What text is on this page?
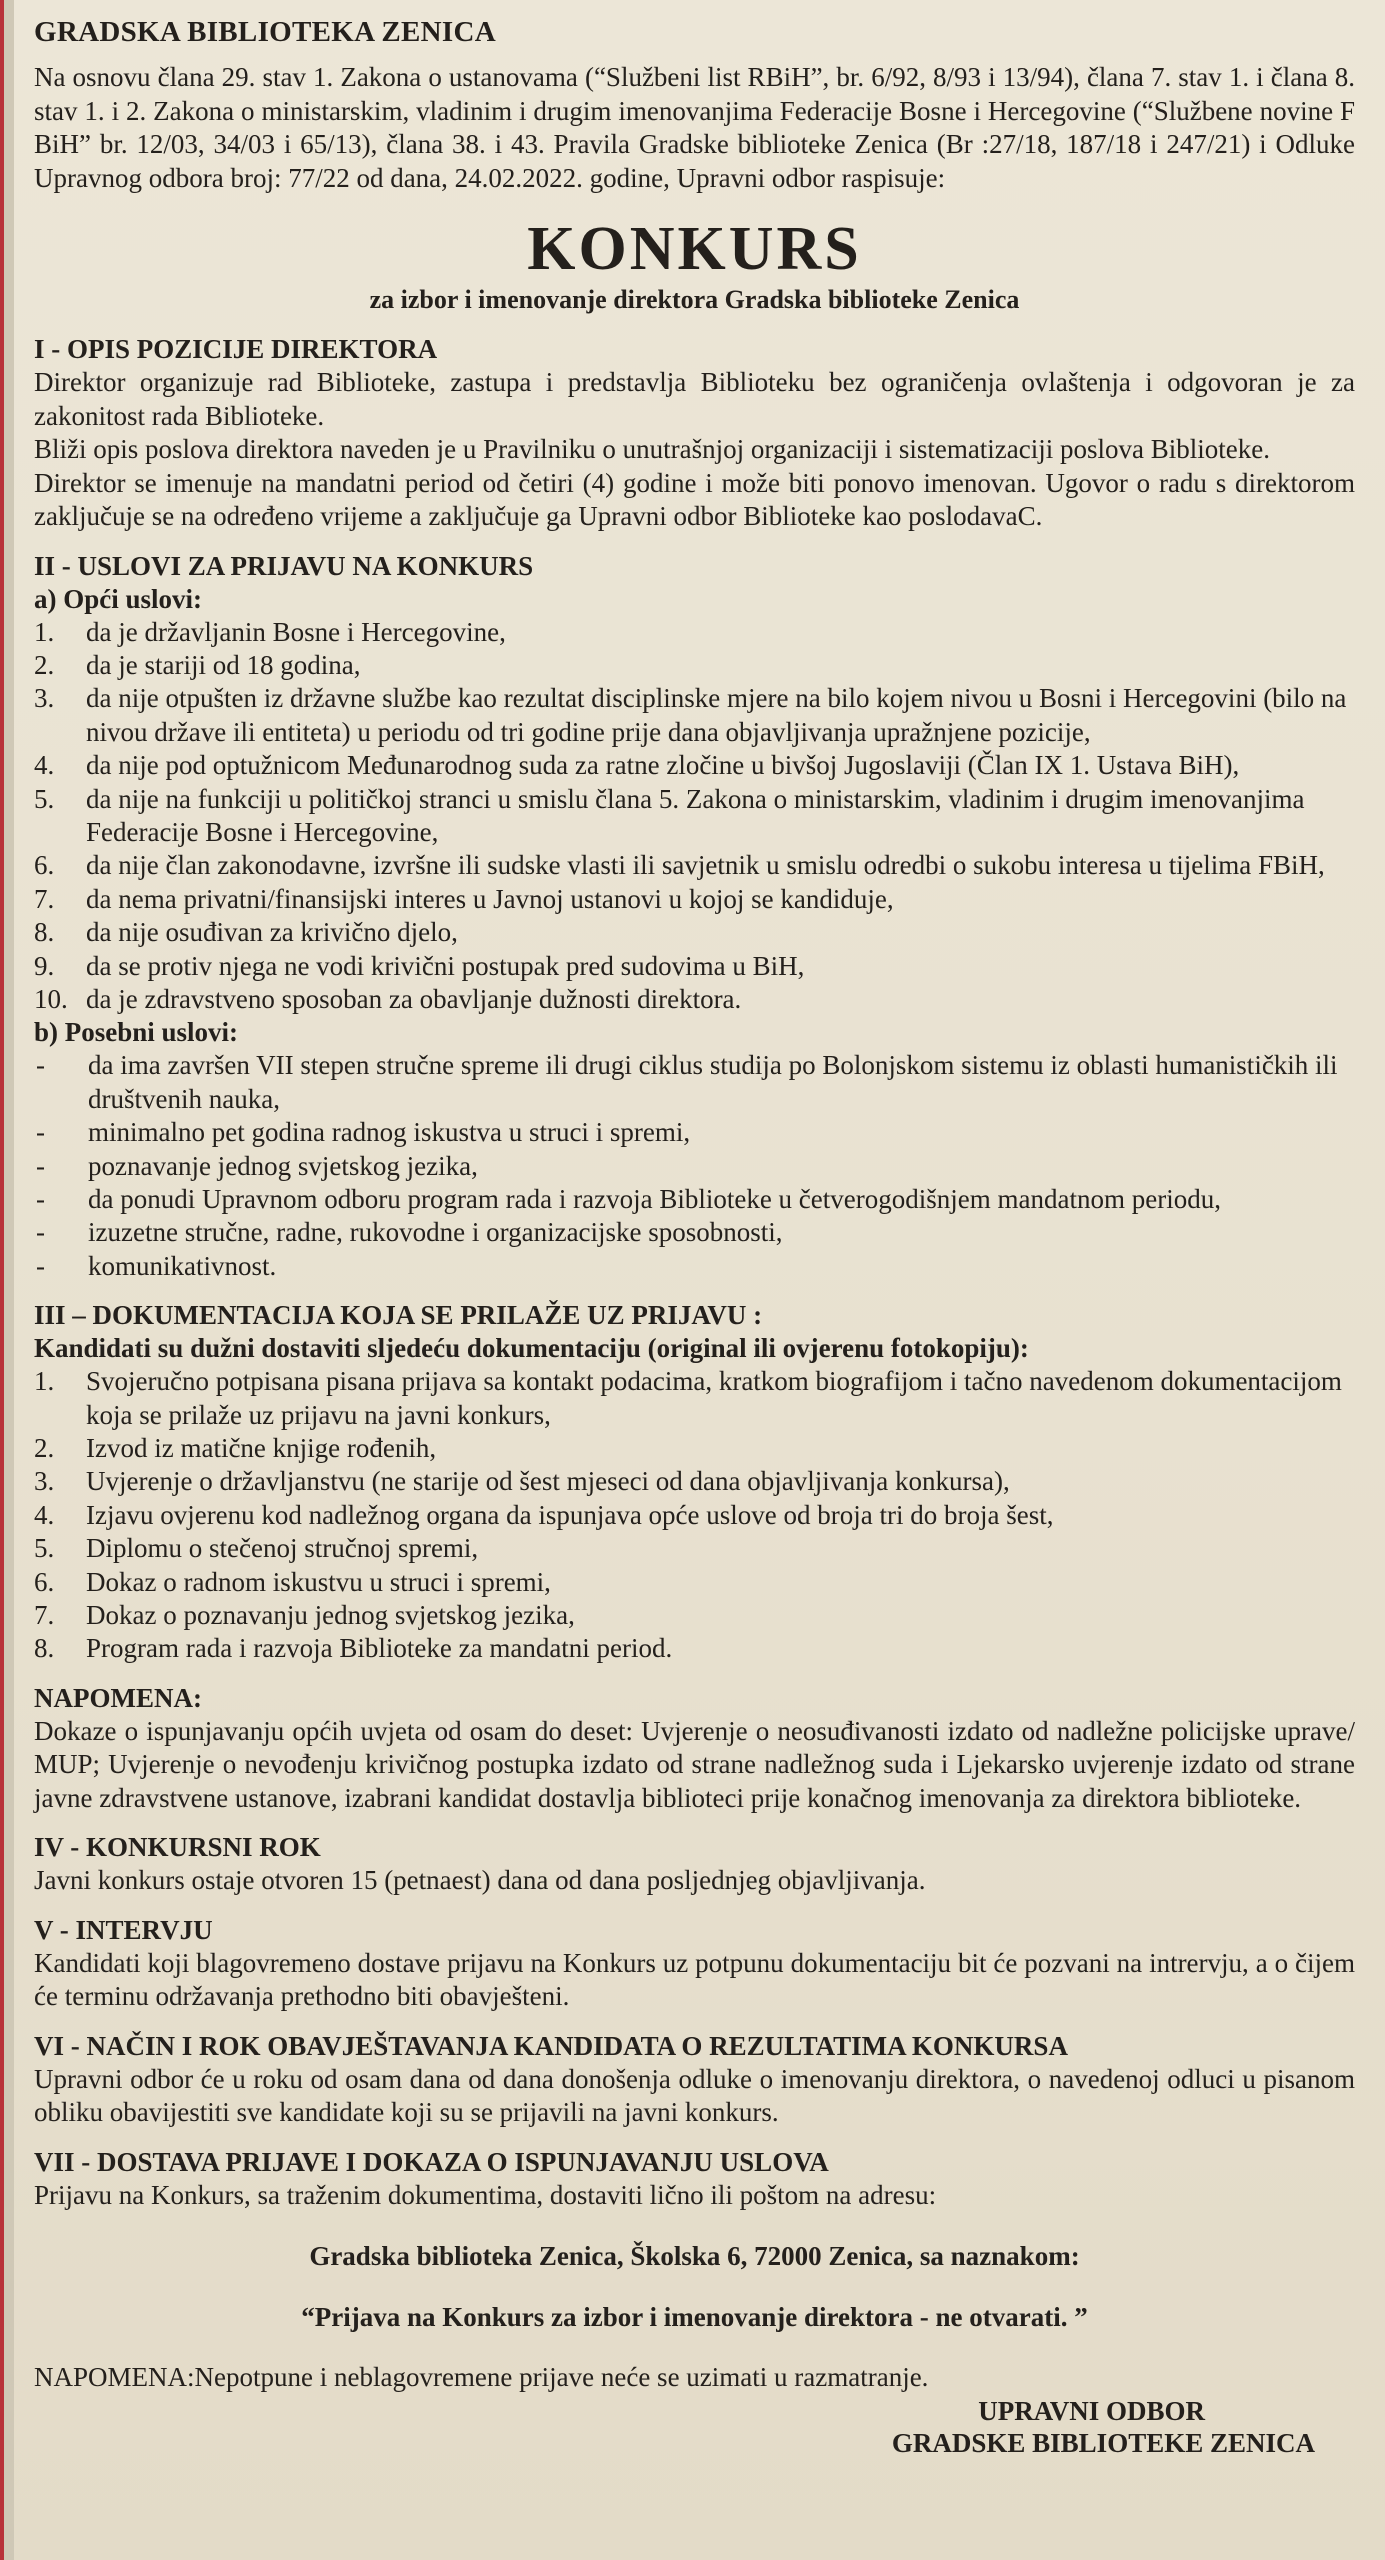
GRADSKA BIBLIOTEKA ZENICA

Na osnovu člana 29. stav 1. Zakona o ustanovama (“Službeni list RBiH”, br. 6/92, 8/93 i 13/94), člana 7. stav 1. i člana 8. stav 1. i 2. Zakona o ministarskim, vladinim i drugim imenovanjima Federacije Bosne i Hercegovine (“Službene novine F BiH” br. 12/03, 34/03 i 65/13), člana 38. i 43. Pravila Gradske biblioteke Zenica (Br :27/18, 187/18 i 247/21) i Odluke Upravnog odbora broj: 77/22 od dana, 24.02.2022. godine, Upravni odbor raspisuje:

KONKURS

za izbor i imenovanje direktora Gradska biblioteke Zenica

I - OPIS POZICIJE DIREKTORA

Direktor organizuje rad Biblioteke, zastupa i predstavlja Biblioteku bez ograničenja ovlaštenja i odgovoran je za zakonitost rada Biblioteke.

Bliži opis poslova direktora naveden je u Pravilniku o unutrašnjoj organizaciji i sistematizaciji poslova Biblioteke.

Direktor se imenuje na mandatni period od četiri (4) godine i može biti ponovo imenovan. Ugovor o radu s direktorom zaključuje se na određeno vrijeme a zaključuje ga Upravni odbor Biblioteke kao poslodavaC.

II - USLOVI ZA PRIJAVU NA KONKURS

a) Opći uslovi:

1.	da je državljanin Bosne i Hercegovine,
2.	da je stariji od 18 godina,
3.	da nije otpušten iz državne službe kao rezultat disciplinske mjere na bilo kojem nivou u Bosni i Hercegovini (bilo na nivou države ili entiteta) u periodu od tri godine prije dana objavljivanja upražnjene pozicije,
4.	da nije pod optužnicom Međunarodnog suda za ratne zločine u bivšoj Jugoslaviji (Član IX 1. Ustava BiH),
5.	da nije na funkciji u političkoj stranci u smislu člana 5. Zakona o ministarskim, vladinim i drugim imenovanjima Federacije Bosne i Hercegovine,
6.	da nije član zakonodavne, izvršne ili sudske vlasti ili savjetnik u smislu odredbi o sukobu interesa u tijelima FBiH,
7.	da nema privatni/finansijski interes u Javnoj ustanovi u kojoj se kandiduje,
8.	da nije osuđivan za krivično djelo,
9.	da se protiv njega ne vodi krivični postupak pred sudovima u BiH,
10. da je zdravstveno sposoban za obavljanje dužnosti direktora.

b) Posebni uslovi:

-	da ima završen VII stepen stručne spreme ili drugi ciklus studija po Bolonjskom sistemu iz oblasti humanističkih ili društvenih nauka,
-	minimalno pet godina radnog iskustva u struci i spremi,
-	poznavanje jednog svjetskog jezika,
-	da ponudi Upravnom odboru program rada i razvoja Biblioteke u četverogodišnjem mandatnom periodu,
-	izuzetne stručne, radne, rukovodne i organizacijske sposobnosti,
-	komunikativnost.

III – DOKUMENTACIJA KOJA SE PRILAŽE UZ PRIJAVU :

Kandidati su dužni dostaviti sljedeću dokumentaciju (original ili ovjerenu fotokopiju):

1.	Svojeručno potpisana pisana prijava sa kontakt podacima, kratkom biografijom i tačno navedenom dokumentacijom koja se prilaže uz prijavu na javni konkurs,
2.	Izvod iz matične knjige rođenih,
3.	Uvjerenje o državljanstvu (ne starije od šest mjeseci od dana objavljivanja konkursa),
4.	Izjavu ovjerenu kod nadležnog organa da ispunjava opće uslove od broja tri do broja šest,
5.	Diplomu o stečenoj stručnoj spremi,
6.	Dokaz o radnom iskustvu u struci i spremi,
7.	Dokaz o poznavanju jednog svjetskog jezika,
8.	Program rada i razvoja Biblioteke za mandatni period.

NAPOMENA:

Dokaze o ispunjavanju općih uvjeta od osam do deset: Uvjerenje o neosuđivanosti izdato od nadležne policijske uprave/ MUP; Uvjerenje o nevođenju krivičnog postupka izdato od strane nadležnog suda i Ljekarsko uvjerenje izdato od strane javne zdravstvene ustanove, izabrani kandidat dostavlja biblioteci prije konačnog imenovanja za direktora biblioteke.

IV - KONKURSNI ROK

Javni konkurs ostaje otvoren 15 (petnaest) dana od dana posljednjeg objavljivanja.

V - INTERVJU

Kandidati koji blagovremeno dostave prijavu na Konkurs uz potpunu dokumentaciju bit će pozvani na intrervju, a o čijem će terminu održavanja prethodno biti obavješteni.

VI - NAČIN I ROK OBAVJEŠTAVANJA KANDIDATA O REZULTATIMA KONKURSA

Upravni odbor će u roku od osam dana od dana donošenja odluke o imenovanju direktora, o navedenoj odluci u pisanom obliku obavijestiti sve kandidate koji su se prijavili na javni konkurs.

VII - DOSTAVA PRIJAVE I DOKAZA O ISPUNJAVANJU USLOVA

Prijavu na Konkurs, sa traženim dokumentima, dostaviti lično ili poštom na adresu:

Gradska biblioteka Zenica, Školska 6, 72000 Zenica, sa naznakom:

“Prijava na Konkurs za izbor i imenovanje direktora - ne otvarati. ”

NAPOMENA:Nepotpune i neblagovremene prijave neće se uzimati u razmatranje.

UPRAVNI ODBOR
GRADSKE BIBLIOTEKE ZENICA
